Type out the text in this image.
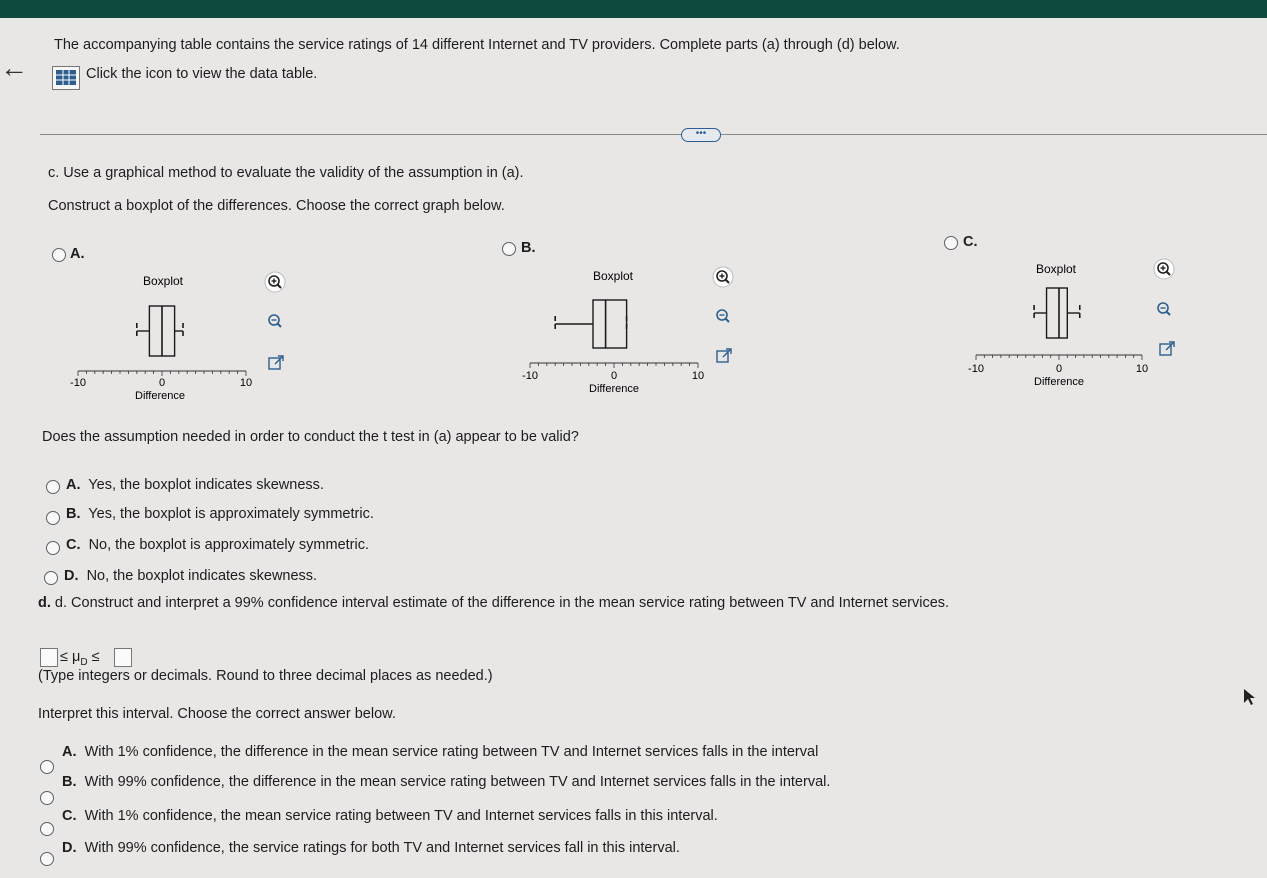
←
The accompanying table contains the service ratings of 14 different Internet and TV providers. Complete parts (a) through (d) below.
Click the icon to view the data table.
•••
c. Use a graphical method to evaluate the validity of the assumption in (a).
Construct a boxplot of the differences. Choose the correct graph below.
A.	B.	C.
Boxplot
-10	0	10
Difference
Boxplot
-10	0	10
Difference
Boxplot
-10	0	10
Difference
Does the assumption needed in order to conduct the t test in (a) appear to be valid?
A. Yes, the boxplot indicates skewness.
B. Yes, the boxplot is approximately symmetric.
C. No, the boxplot is approximately symmetric.
D. No, the boxplot indicates skewness.
d. d. Construct and interpret a 99% confidence interval estimate of the difference in the mean service rating between TV and Internet services.
≤ $\mu_D$ ≤
(Type integers or decimals. Round to three decimal places as needed.)
Interpret this interval. Choose the correct answer below.
A. With 1% confidence, the difference in the mean service rating between TV and Internet services falls in the interval
B. With 99% confidence, the difference in the mean service rating between TV and Internet services falls in the interval.
C. With 1% confidence, the mean service rating between TV and Internet services falls in this interval.
D. With 99% confidence, the service ratings for both TV and Internet services fall in this interval.
